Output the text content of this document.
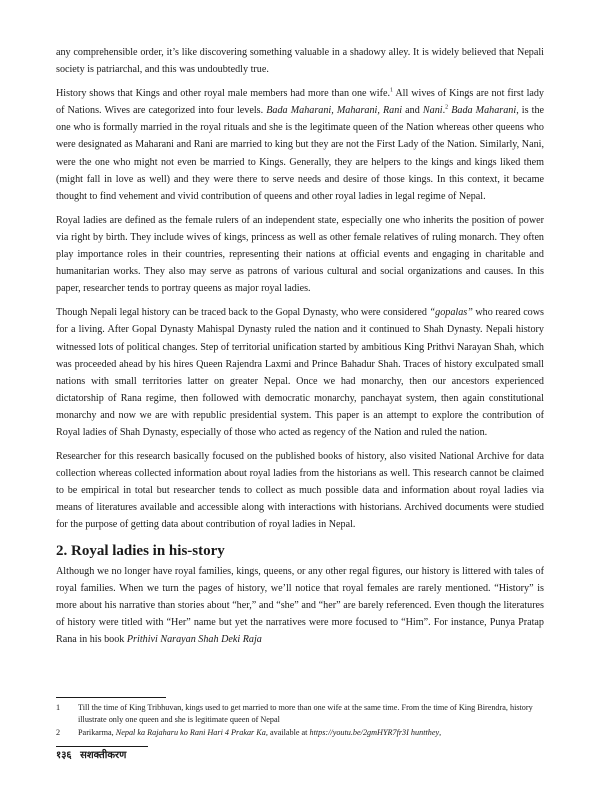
any comprehensible order, it’s like discovering something valuable in a shadowy alley. It is widely believed that Nepali society is patriarchal, and this was undoubtedly true.

History shows that Kings and other royal male members had more than one wife.$^1$ All wives of Kings are not first lady of Nations. Wives are categorized into four levels. Bada Maharani, Maharani, Rani and Nani.$^2$ Bada Maharani, is the one who is formally married in the royal rituals and she is the legitimate queen of the Nation whereas other queens who were designated as Maharani and Rani are married to king but they are not the First Lady of the Nation. Similarly, Nani, were the one who might not even be married to Kings. Generally, they are helpers to the kings and kings liked them (might fall in love as well) and they were there to serve needs and desire of those kings. In this context, it became thought to find vehement and vivid contribution of queens and other royal ladies in legal regime of Nepal.

Royal ladies are defined as the female rulers of an independent state, especially one who inherits the position of power via right by birth. They include wives of kings, princess as well as other female relatives of ruling monarch. They often play importance roles in their countries, representing their nations at official events and engaging in charitable and humanitarian works. They also may serve as patrons of various cultural and social organizations and causes. In this paper, researcher tends to portray queens as major royal ladies.

Though Nepali legal history can be traced back to the Gopal Dynasty, who were considered “gopalas” who reared cows for a living. After Gopal Dynasty Mahispal Dynasty ruled the nation and it continued to Shah Dynasty. Nepali history witnessed lots of political changes. Step of territorial unification started by ambitious King Prithvi Narayan Shah, which was proceeded ahead by his hires Queen Rajendra Laxmi and Prince Bahadur Shah. Traces of history exculpated small nations with small territories latter on greater Nepal. Once we had monarchy, then our ancestors experienced dictatorship of Rana regime, then followed with democratic monarchy, panchayat system, then again constitutional monarchy and now we are with republic presidential system. This paper is an attempt to explore the contribution of Royal ladies of Shah Dynasty, especially of those who acted as regency of the Nation and ruled the nation.

Researcher for this research basically focused on the published books of history, also visited National Archive for data collection whereas collected information about royal ladies from the historians as well. This research cannot be claimed to be empirical in total but researcher tends to collect as much possible data and information about royal ladies via means of literatures available and accessible along with interactions with historians. Archived documents were studied for the purpose of getting data about contribution of royal ladies in Nepal.

2. Royal ladies in his-story

Although we no longer have royal families, kings, queens, or any other regal figures, our history is littered with tales of royal families. When we turn the pages of history, we’ll notice that royal females are rarely mentioned. “History” is more about his narrative than stories about “her,” and “she” and “her” are barely referenced. Even though the literatures of history were titled with “Her” name but yet the narratives were more focused to “Him”. For instance, Punya Pratap Rana in his book Prithivi Narayan Shah Deki Raja

1	Till the time of King Tribhuvan, kings used to get married to more than one wife at the same time. From the time of King Birendra, history illustrate only one queen and she is legitimate queen of Nepal
2	Parikarma, Nepal ka Rajaharu ko Rani Hari 4 Prakar Ka, available at https://youtu.be/2gmHYR7fr3I huntthey,
१३६ सशक्तीकरण
